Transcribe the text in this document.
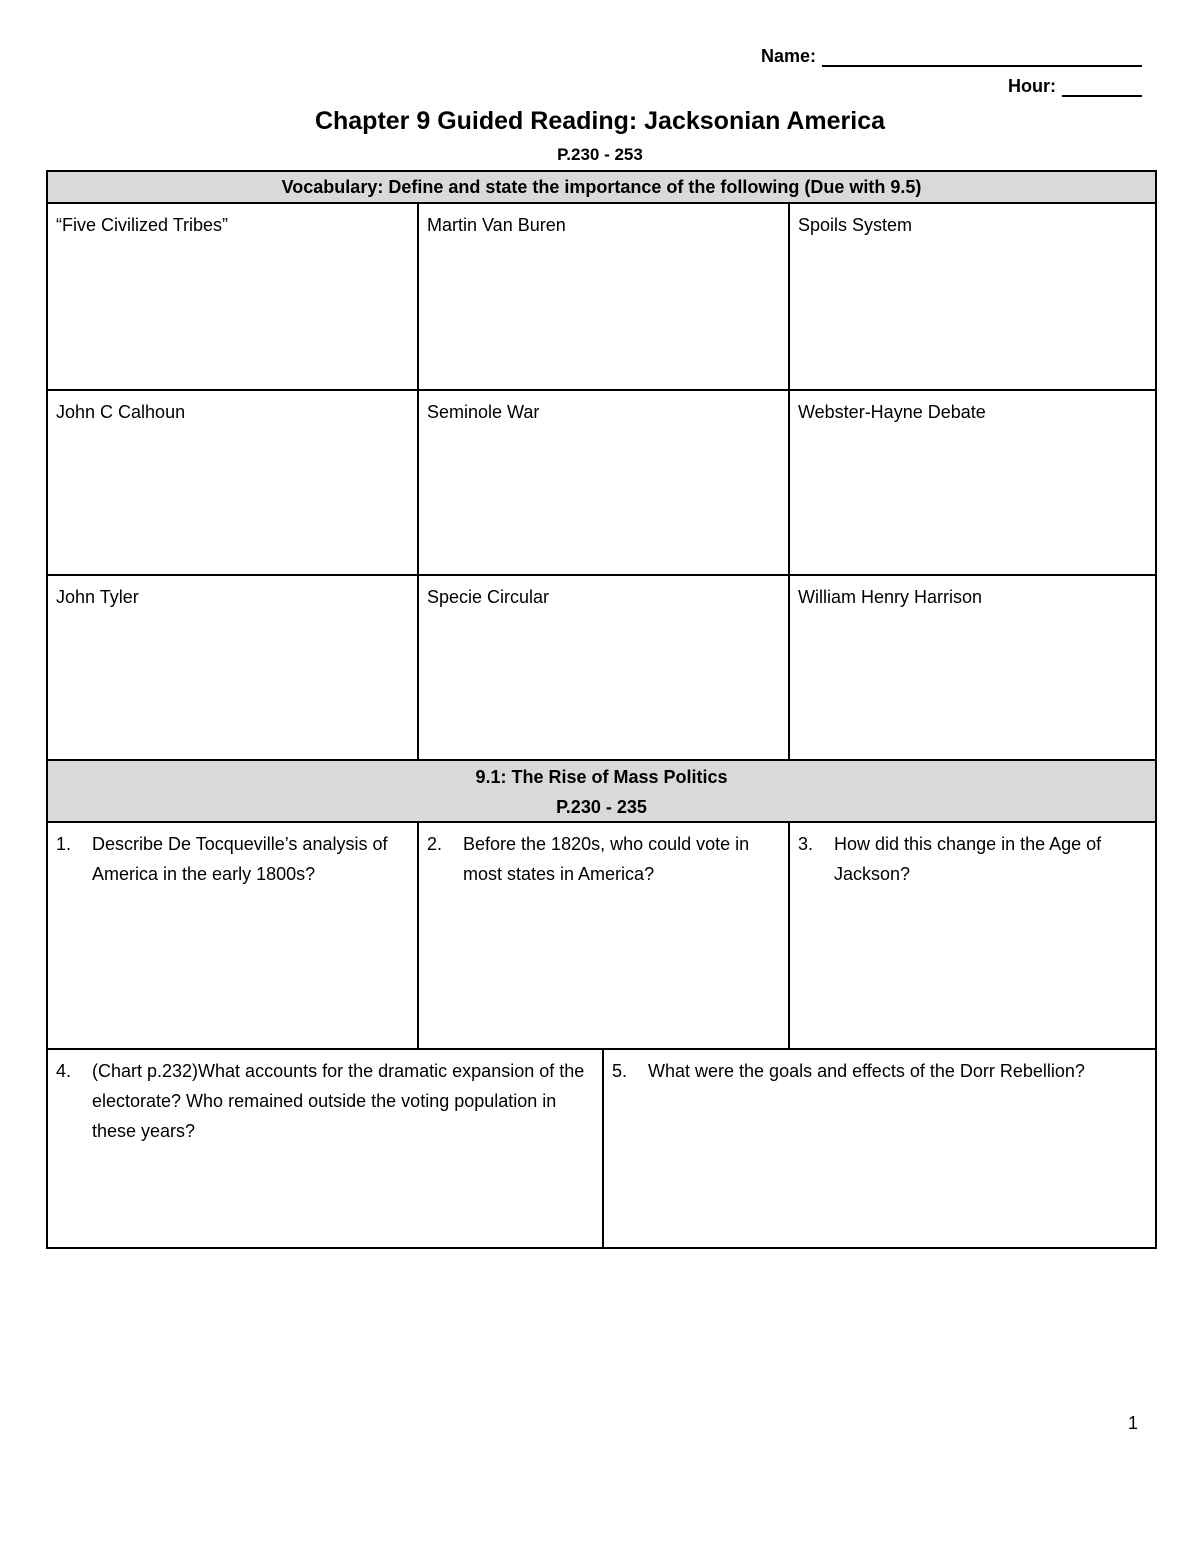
Name:
Hour:
Chapter 9 Guided Reading: Jacksonian America
P.230 - 253
Vocabulary: Define and state the importance of the following (Due with 9.5)
“Five Civilized Tribes”	Martin Van Buren	Spoils System
John C Calhoun	Seminole War	Webster-Hayne Debate
John Tyler	Specie Circular	William Henry Harrison
9.1: The Rise of Mass Politics
P.230 - 235
1.	Describe De Tocqueville’s analysis of America in the early 1800s?
2.	Before the 1820s, who could vote in most states in America?
3.	How did this change in the Age of Jackson?
4.	(Chart p.232)What accounts for the dramatic expansion of the electorate? Who remained outside the voting population in these years?
5.	What were the goals and effects of the Dorr Rebellion?
1
